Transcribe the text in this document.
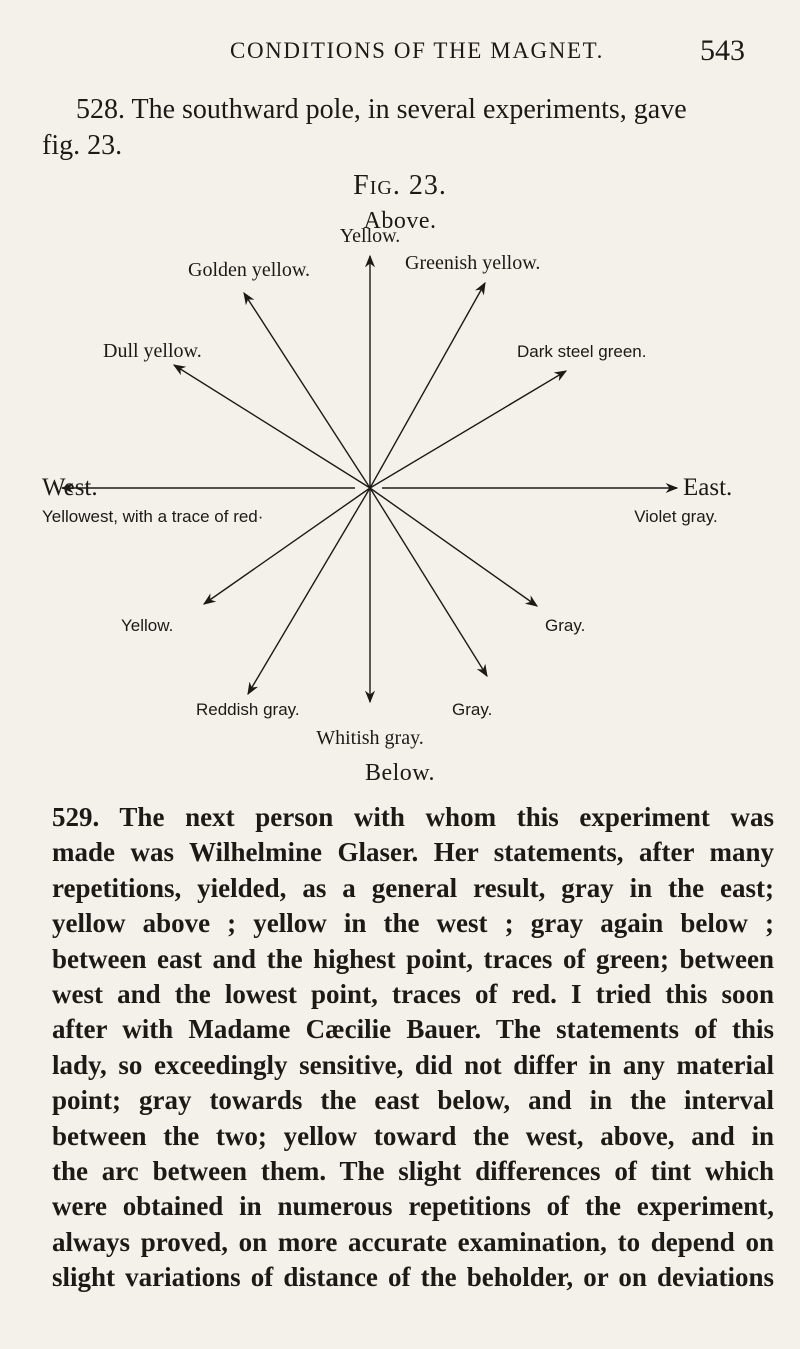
CONDITIONS OF THE MAGNET.	543
528. The southward pole, in several experiments, gave
fig. 23.
Fig. 23.
Above.
Yellow.
Golden yellow.	Greenish yellow.
Dull yellow.	Dark steel green.
West.	East.
Yellowest, with a trace of red·	Violet gray.
Yellow.	Gray.
Reddish gray.	Gray.
Whitish gray.
Below.
529. The next person with whom this experiment was
made was Wilhelmine Glaser. Her statements, after many
repetitions, yielded, as a general result, gray in the east;
yellow above ; yellow in the west ; gray again below ;
between east and the highest point, traces of green; between
west and the lowest point, traces of red. I tried this soon
after with Madame Cæcilie Bauer. The statements of this
lady, so exceedingly sensitive, did not differ in any material
point; gray towards the east below, and in the interval
between the two; yellow toward the west, above, and in
the arc between them. The slight differences of tint which
were obtained in numerous repetitions of the experiment,
always proved, on more accurate examination, to depend on
slight variations of distance of the beholder, or on deviations
